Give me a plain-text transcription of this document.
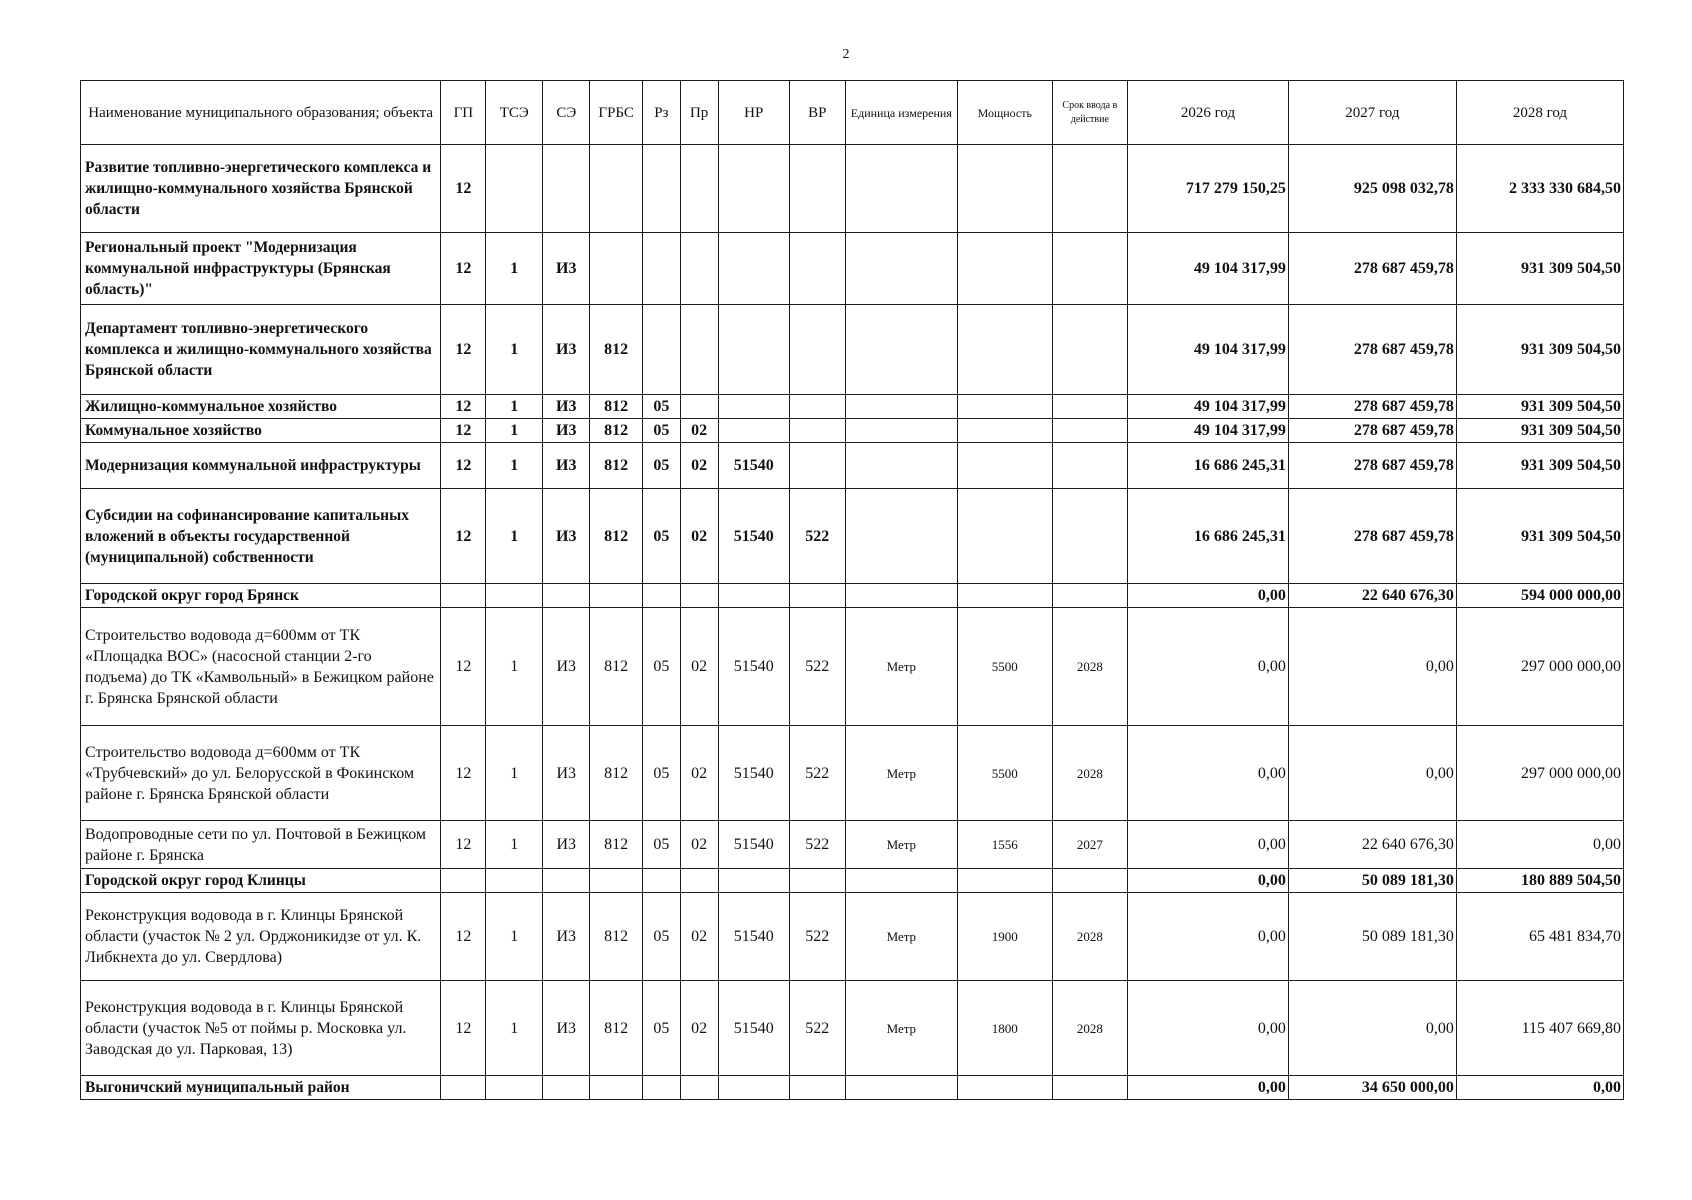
2
Наименование муниципального образования; объекта	ГП	ТСЭ	СЭ	ГРБС	Рз	Пр	НР	ВР	Единица измерения	Мощность	Срок ввода в действие	2026 год	2027 год	2028 год
Развитие топливно-энергетического комплекса и жилищно-коммунального хозяйства Брянской области	12											717 279 150,25	925 098 032,78	2 333 330 684,50
Региональный проект "Модернизация коммунальной инфраструктуры (Брянская область)"	12	1	И3									49 104 317,99	278 687 459,78	931 309 504,50
Департамент топливно-энергетического комплекса и жилищно-коммунального хозяйства Брянской области	12	1	И3	812								49 104 317,99	278 687 459,78	931 309 504,50
Жилищно-коммунальное хозяйство	12	1	И3	812	05							49 104 317,99	278 687 459,78	931 309 504,50
Коммунальное хозяйство	12	1	И3	812	05	02						49 104 317,99	278 687 459,78	931 309 504,50
Модернизация коммунальной инфраструктуры	12	1	И3	812	05	02	51540					16 686 245,31	278 687 459,78	931 309 504,50
Субсидии на софинансирование капитальных вложений в объекты государственной (муниципальной) собственности	12	1	И3	812	05	02	51540	522				16 686 245,31	278 687 459,78	931 309 504,50
Городской округ город Брянск												0,00	22 640 676,30	594 000 000,00
Строительство водовода д=600мм от ТК «Площадка ВОС» (насосной станции 2-го подъема) до ТК «Камвольный» в Бежицком районе г. Брянска Брянской области	12	1	И3	812	05	02	51540	522	Метр	5500	2028	0,00	0,00	297 000 000,00
Строительство водовода д=600мм от ТК «Трубчевский» до ул. Белорусской в Фокинском районе г. Брянска Брянской области	12	1	И3	812	05	02	51540	522	Метр	5500	2028	0,00	0,00	297 000 000,00
Водопроводные сети по ул. Почтовой в Бежицком районе г. Брянска	12	1	И3	812	05	02	51540	522	Метр	1556	2027	0,00	22 640 676,30	0,00
Городской округ город Клинцы												0,00	50 089 181,30	180 889 504,50
Реконструкция водовода в г. Клинцы Брянской области (участок № 2 ул. Орджоникидзе от ул. К. Либкнехта до ул. Свердлова)	12	1	И3	812	05	02	51540	522	Метр	1900	2028	0,00	50 089 181,30	65 481 834,70
Реконструкция водовода в г. Клинцы Брянской области (участок №5 от поймы р. Московка ул. Заводская до ул. Парковая, 13)	12	1	И3	812	05	02	51540	522	Метр	1800	2028	0,00	0,00	115 407 669,80
Выгоничский муниципальный район												0,00	34 650 000,00	0,00
